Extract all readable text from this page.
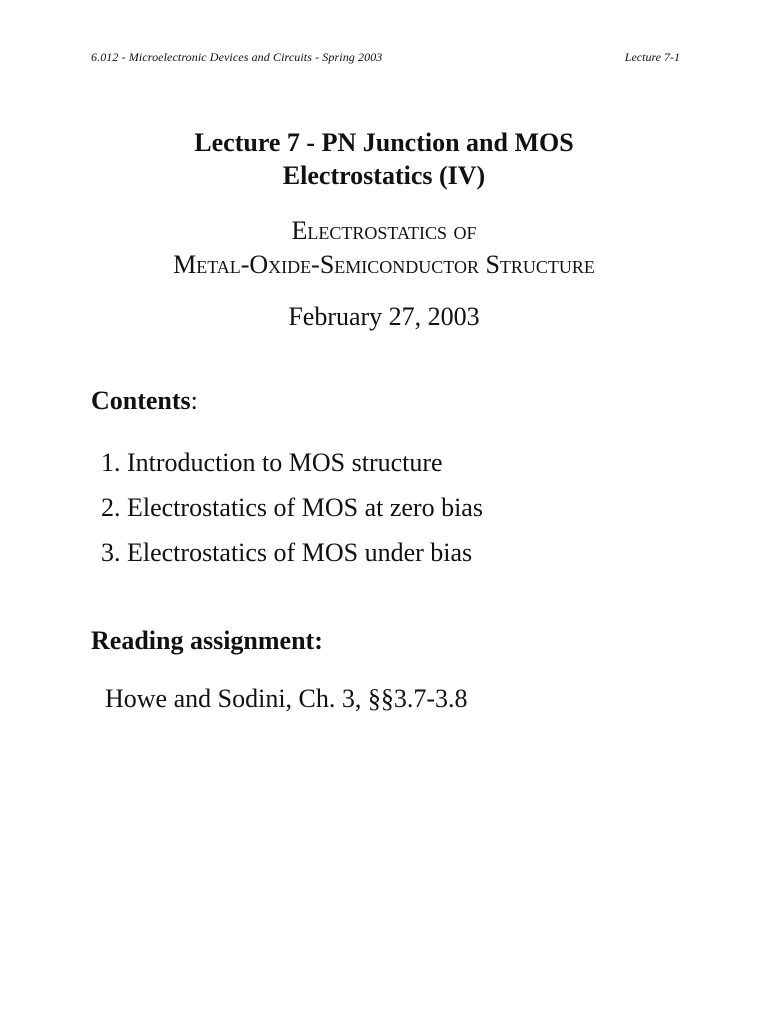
6.012 - Microelectronic Devices and Circuits - Spring 2003	Lecture 7-1
Lecture 7 - PN Junction and MOS
Electrostatics (IV)
Electrostatics of
Metal-Oxide-Semiconductor Structure
February 27, 2003
Contents:
1. Introduction to MOS structure
2. Electrostatics of MOS at zero bias
3. Electrostatics of MOS under bias
Reading assignment:
Howe and Sodini, Ch. 3, §§3.7-3.8
